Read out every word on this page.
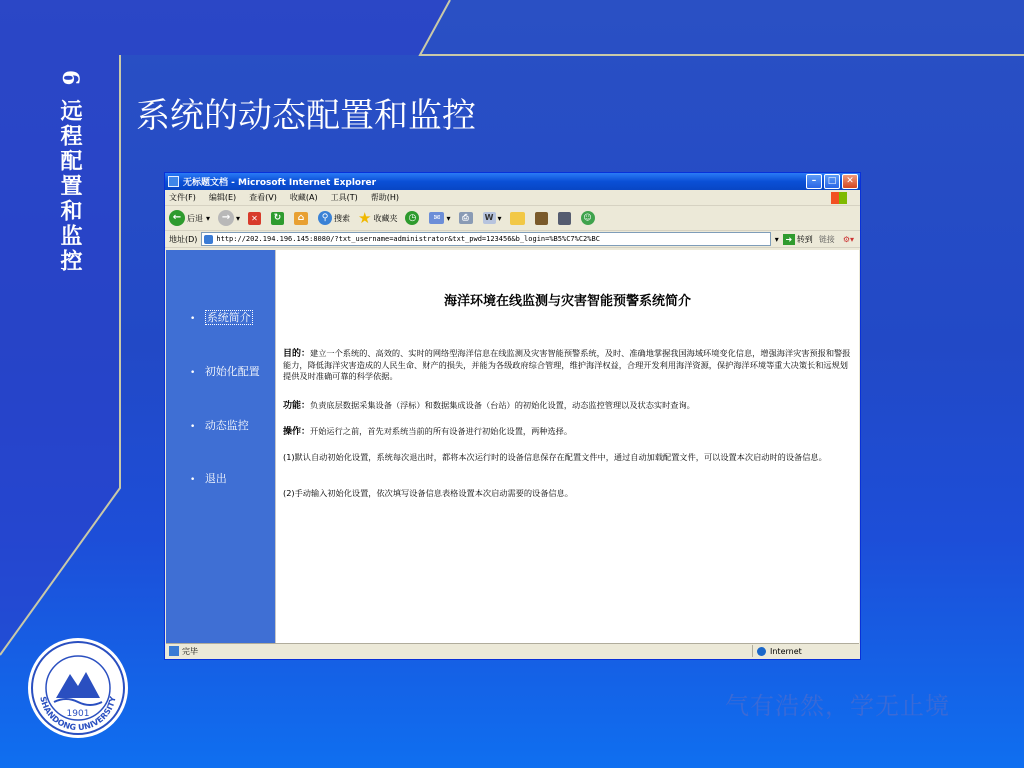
6 远程配置和监控 系统的动态配置和监控
1901
SHANDONG UNIVERSITY	气有浩然，学无止境
无标题文档 - Microsoft Internet Explorer	–	□	✕
文件(F) 编辑(E) 查看(V) 收藏(A) 工具(T) 帮助(H)
← 后退 ▾	→ ▾	✕	↻	⌂	⚲ 搜索 ★ 收藏夹	◷	✉ ▾	⎙	W ▾	☺
地址(D)	http://202.194.196.145:8080/?txt_username=administrator&txt_pwd=123456&b_login=%B5%C7%C2%BC	▾ ➜ 转到 链接 ⚙▾
• 系统简介
• 初始化配置
• 动态监控
• 退出
海洋环境在线监测与灾害智能预警系统简介

目的：建立一个系统的、高效的、实时的网络型海洋信息在线监测及灾害智能预警系统，及时、准确地掌握我国海域环境变化信息，增强海洋灾害预报和警报能力，降低海洋灾害造成的人民生命、财产的损失，并能为各级政府综合管理，维护海洋权益，合理开发利用海洋资源，保护海洋环境等重大决策长和远规划提供及时准确可靠的科学依据。

功能：负责底层数据采集设备（浮标）和数据集成设备（台站）的初始化设置，动态监控管理以及状态实时查询。

操作：开始运行之前，首先对系统当前的所有设备进行初始化设置，两种选择。

(1)默认自动初始化设置，系统每次退出时，都将本次运行时的设备信息保存在配置文件中，通过自动加载配置文件，可以设置本次启动时的设备信息。

(2)手动输入初始化设置，依次填写设备信息表格设置本次启动需要的设备信息。

完毕	Internet
